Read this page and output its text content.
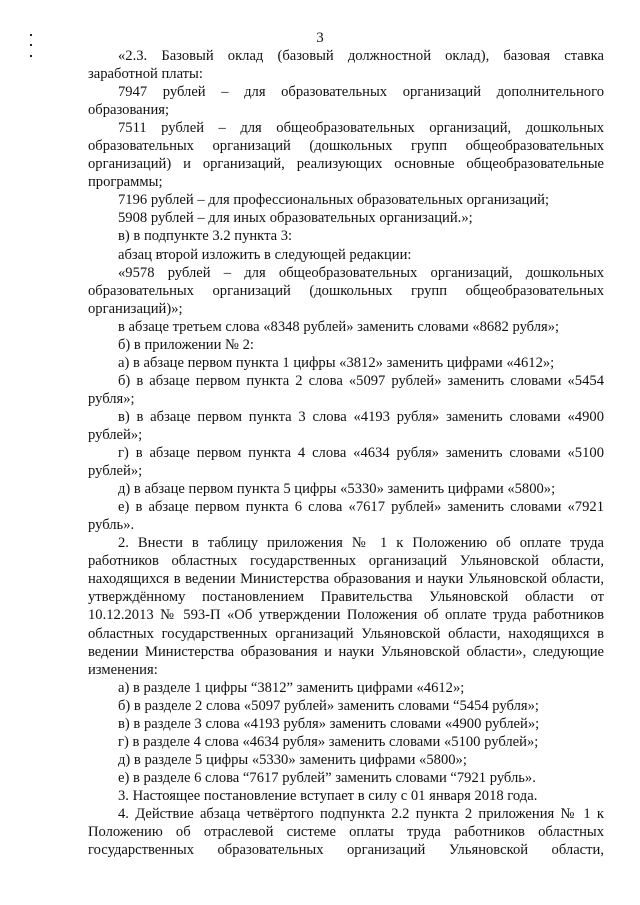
3

«2.3. Базовый оклад (базовый должностной оклад), базовая ставка заработной платы:

7947 рублей – для образовательных организаций дополнительного образования;

7511 рублей – для общеобразовательных организаций, дошкольных образовательных организаций (дошкольных групп общеобразовательных организаций) и организаций, реализующих основные общеобразовательные программы;

7196 рублей – для профессиональных образовательных организаций;

5908 рублей – для иных образовательных организаций.»;

в) в подпункте 3.2 пункта 3:

абзац второй изложить в следующей редакции:

«9578 рублей – для общеобразовательных организаций, дошкольных образовательных организаций (дошкольных групп общеобразовательных организаций)»;

в абзаце третьем слова «8348 рублей» заменить словами «8682 рубля»;

б) в приложении № 2:

а) в абзаце первом пункта 1 цифры «3812» заменить цифрами «4612»;

б) в абзаце первом пункта 2 слова «5097 рублей» заменить словами «5454 рубля»;

в) в абзаце первом пункта 3 слова «4193 рубля» заменить словами «4900 рублей»;

г) в абзаце первом пункта 4 слова «4634 рубля» заменить словами «5100 рублей»;

д) в абзаце первом пункта 5 цифры «5330» заменить цифрами «5800»;

е) в абзаце первом пункта 6 слова «7617 рублей» заменить словами «7921 рубль».

2. Внести в таблицу приложения № 1 к Положению об оплате труда работников областных государственных организаций Ульяновской области, находящихся в ведении Министерства образования и науки Ульяновской области, утверждённому постановлением Правительства Ульяновской области от 10.12.2013 № 593-П «Об утверждении Положения об оплате труда работников областных государственных организаций Ульяновской области, находящихся в ведении Министерства образования и науки Ульяновской области», следующие изменения:

а) в разделе 1 цифры “3812” заменить цифрами «4612»;

б) в разделе 2 слова «5097 рублей» заменить словами “5454 рубля»;

в) в разделе 3 слова «4193 рубля» заменить словами «4900 рублей»;

г) в разделе 4 слова «4634 рубля» заменить словами «5100 рублей»;

д) в разделе 5 цифры «5330» заменить цифрами «5800»;

е) в разделе 6 слова “7617 рублей” заменить словами “7921 рубль».

3. Настоящее постановление вступает в силу с 01 января 2018 года.

4. Действие абзаца четвёртого подпункта 2.2 пункта 2 приложения № 1 к Положению об отраслевой системе оплаты труда работников областных государственных образовательных организаций Ульяновской области,
